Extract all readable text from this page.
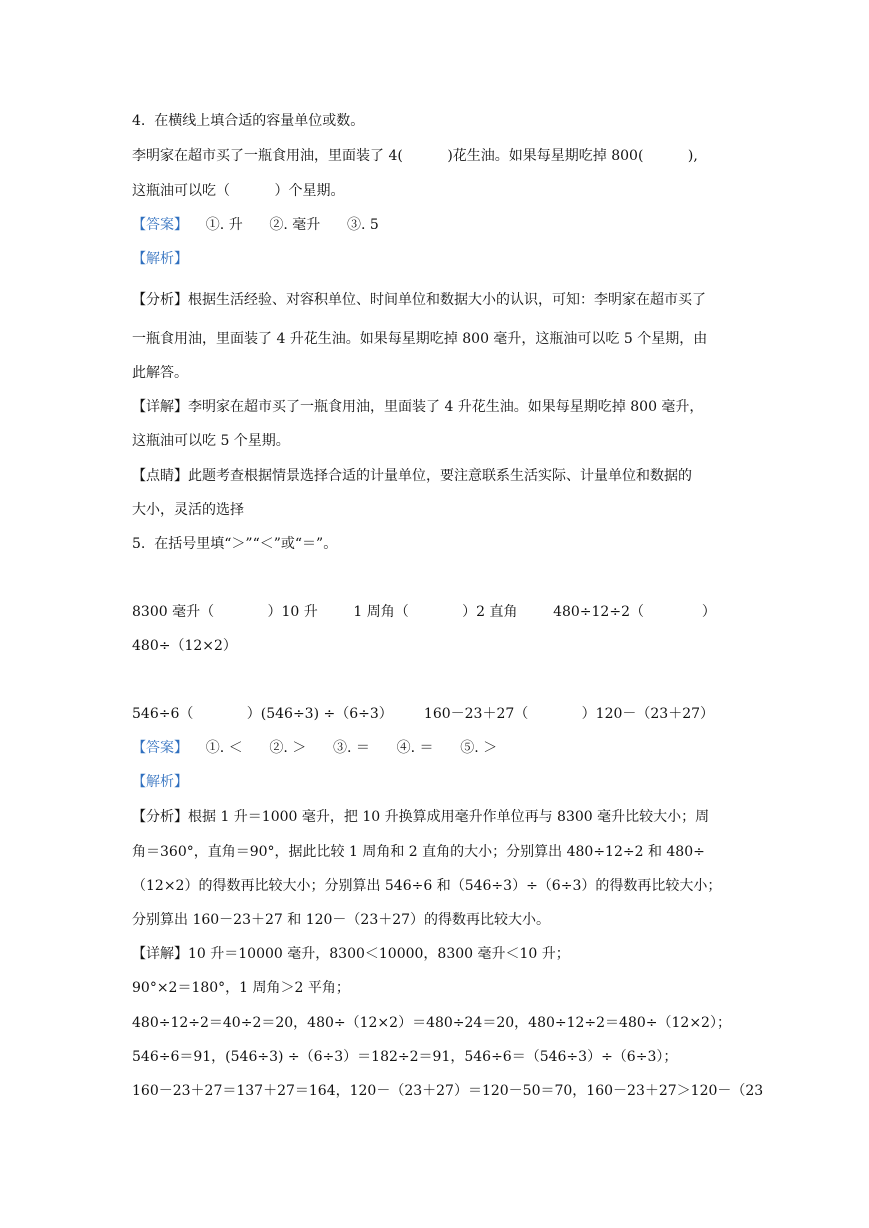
4.  在横线上填合适的容量单位或数。
李明家在超市买了一瓶食用油，里面装了 4(          )花生油。如果每星期吃掉 800(          ),
这瓶油可以吃（          ）个星期。
【答案】    ①. 升      ②. 毫升      ③. 5
【解析】
【分析】根据生活经验、对容积单位、时间单位和数据大小的认识，可知：李明家在超市买了
一瓶食用油，里面装了 4 升花生油。如果每星期吃掉 800 毫升，这瓶油可以吃 5 个星期，由
此解答。
【详解】李明家在超市买了一瓶食用油，里面装了 4 升花生油。如果每星期吃掉 800 毫升，
这瓶油可以吃 5 个星期。
【点睛】此题考查根据情景选择合适的计量单位，要注意联系生活实际、计量单位和数据的
大小，灵活的选择
5.  在括号里填“＞”“＜”或“＝”。
8300 毫升（            ）10 升        1 周角（            ）2 直角        480÷12÷2（             ）
480÷（12×2）
546÷6（            ）(546÷3) ÷（6÷3）       160－23＋27（            ）120－（23＋27）
【答案】    ①. ＜      ②. ＞      ③. ＝      ④. ＝      ⑤. ＞
【解析】
【分析】根据 1 升＝1000 毫升，把 10 升换算成用毫升作单位再与 8300 毫升比较大小；周
角＝360°，直角＝90°，据此比较 1 周角和 2 直角的大小；分别算出 480÷12÷2 和 480÷
（12×2）的得数再比较大小；分别算出 546÷6 和（546÷3）÷（6÷3）的得数再比较大小；
分别算出 160－23＋27 和 120－（23＋27）的得数再比较大小。
【详解】10 升＝10000 毫升，8300＜10000，8300 毫升＜10 升；
90°×2＝180°，1 周角＞2 平角；
480÷12÷2＝40÷2＝20，480÷（12×2）＝480÷24＝20，480÷12÷2＝480÷（12×2）；
546÷6＝91，(546÷3) ÷（6÷3）＝182÷2＝91，546÷6＝（546÷3）÷（6÷3）；
160－23＋27＝137＋27＝164，120－（23＋27）＝120－50＝70，160－23＋27＞120－（23
